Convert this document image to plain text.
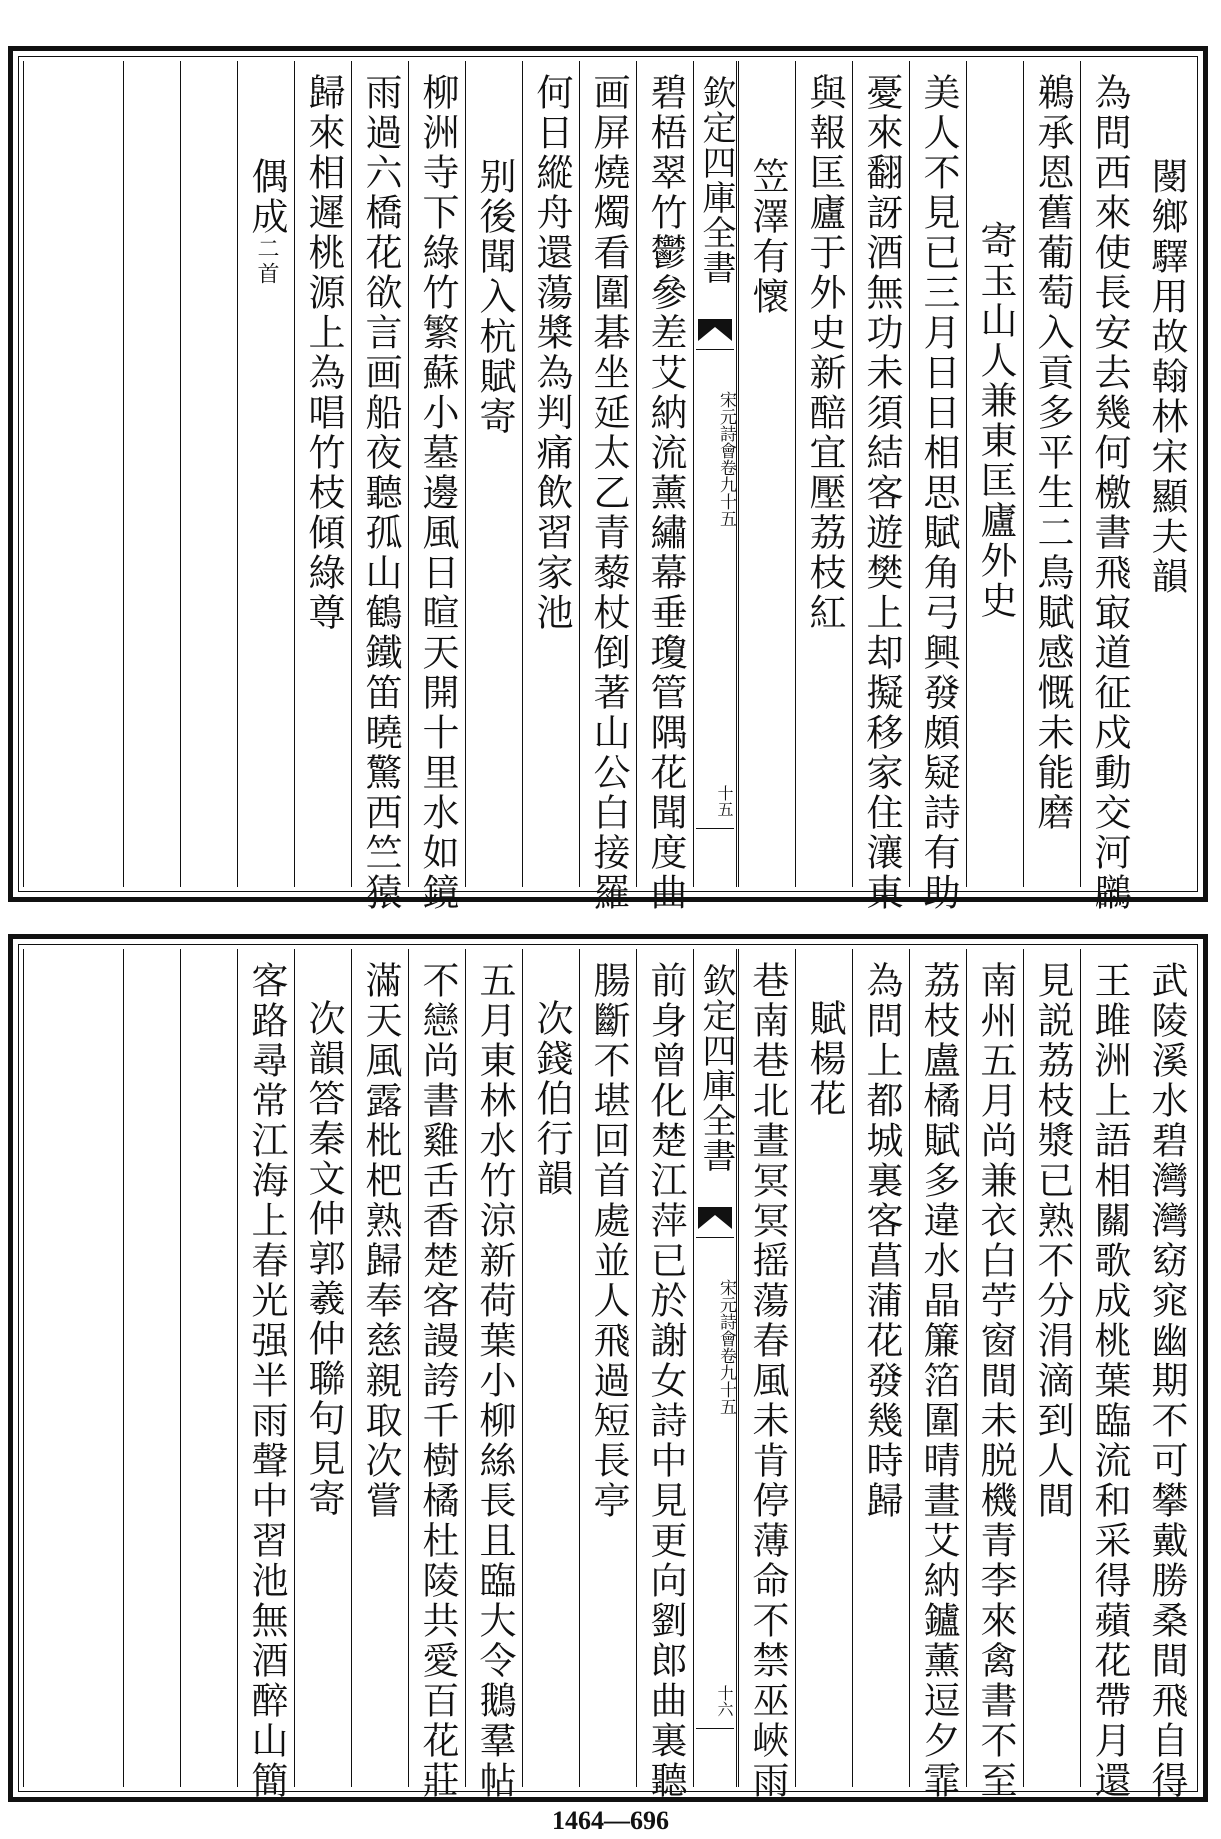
閿鄉驛用故翰林宋顯夫韻
為問西來使長安去幾何檄書飛㝡道征戍動交河鸊
鵜承恩舊葡萄入貢多平生二鳥賦感慨未能磨
寄玉山人兼東匡廬外史
美人不見已三月日日相思賦角弓興發頗疑詩有助
憂來翻訝酒無功未須結客遊樊上却擬移家住瀼東
與報匡廬于外史新醅宜壓荔枝紅
笠澤有懷
欽定四庫全書
宋元詩會卷九十五
十五
碧梧翠竹鬱參差艾納流薰繡幕垂瓊管隅花聞度曲
画屏燒燭看圍碁坐延太乙青藜杖倒著山公白接羅
何日縱舟還蕩槳為判痛飲習家池
别後聞入杭賦寄
柳洲寺下綠竹繁蘇小墓邊風日暄天開十里水如鏡
雨過六橋花欲言画船夜聽孤山鶴鐵笛曉驚西竺猿
歸來相遲桃源上為唱竹枝傾綠尊
偶成二首
武陵溪水碧灣灣窈窕幽期不可攀戴勝桑間飛自得
王雎洲上語相關歌成桃葉臨流和采得蘋花帶月還
見説荔枝漿已熟不分涓滴到人間
南州五月尚兼衣白苧窗間未脱機青李來禽書不至
荔枝盧橘賦多違水晶簾箔圍晴晝艾納鑪薰逗夕霏
為問上都城裏客菖蒲花發幾時歸
賦楊花
巷南巷北晝冥冥摇蕩春風未肯停薄命不禁巫峽雨
欽定四庫全書
宋元詩會卷九十五
十六
前身曾化楚江萍已於謝女詩中見更向劉郎曲裏聽
腸斷不堪回首處並人飛過短長亭
次錢伯行韻
五月東林水竹涼新荷葉小柳絲長且臨大令鵝羣帖
不戀尚書雞舌香楚客謾誇千樹橘杜陵共愛百花莊
滿天風露枇杷熟歸奉慈親取次嘗
次韻答秦文仲郭羲仲聯句見寄
客路尋常江海上春光强半雨聲中習池無酒醉山簡
1464—696
